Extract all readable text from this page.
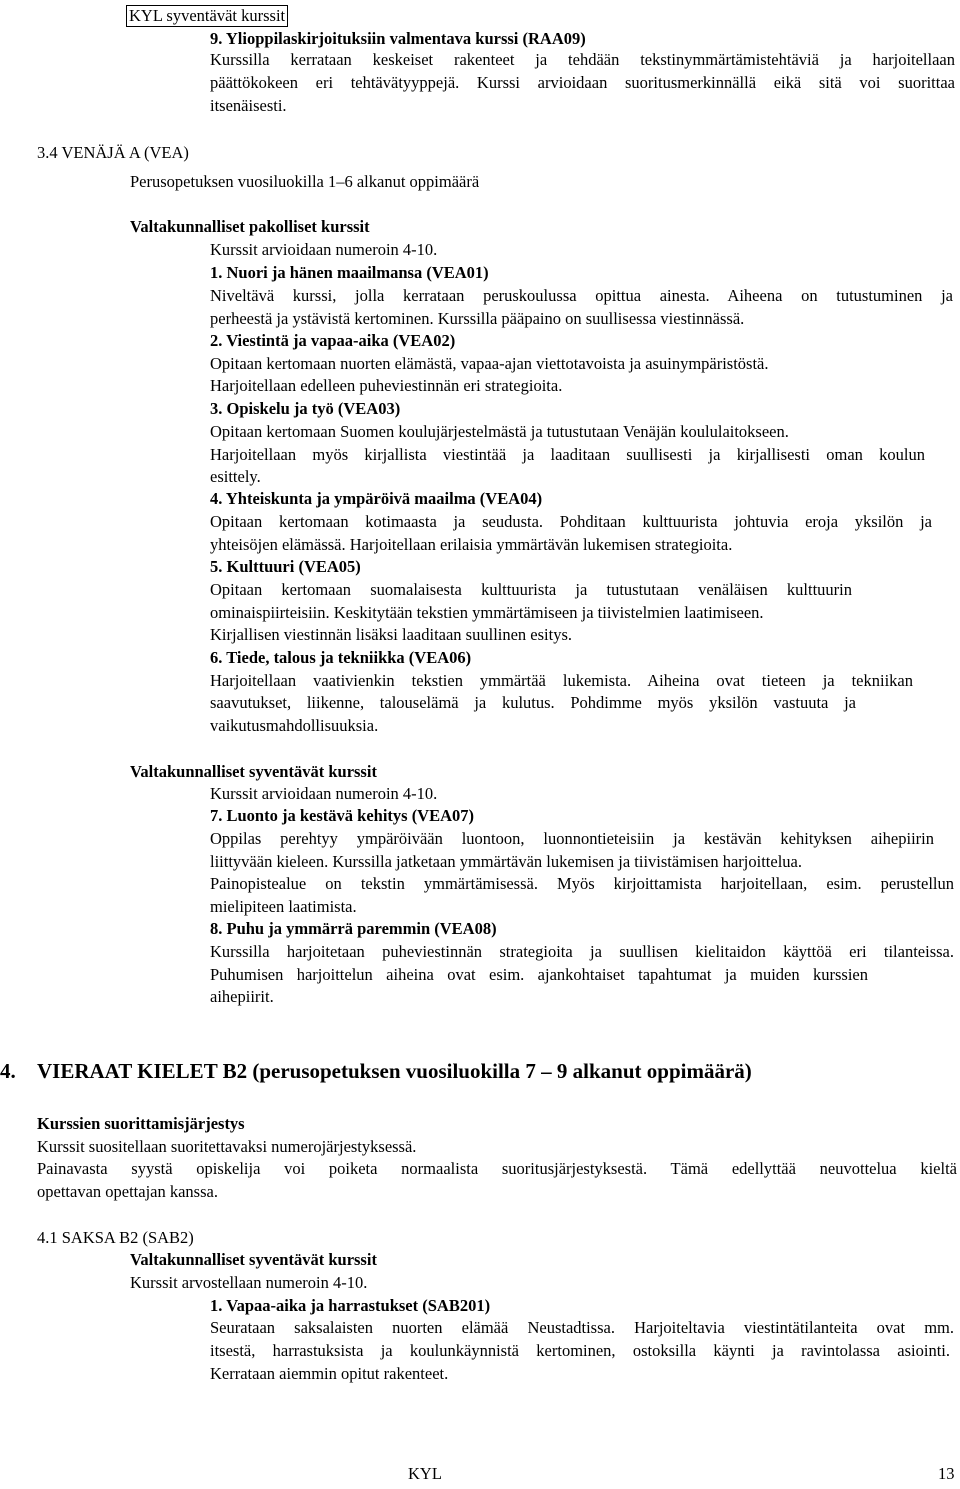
KYL syventävät kurssit
9. Ylioppilaskirjoituksiin valmentava kurssi (RAA09)
Kurssilla kerrataan keskeiset rakenteet ja tehdään tekstinymmärtämistehtäviä ja harjoitellaan
päättökokeen eri tehtävätyyppejä. Kurssi arvioidaan suoritusmerkinnällä eikä sitä voi suorittaa
itsenäisesti.
3.4 VENÄJÄ A (VEA)
Perusopetuksen vuosiluokilla 1–6 alkanut oppimäärä
Valtakunnalliset pakolliset kurssit
Kurssit arvioidaan numeroin 4-10.
1. Nuori ja hänen maailmansa (VEA01)
Niveltävä kurssi, jolla kerrataan peruskoulussa opittua ainesta. Aiheena on tutustuminen ja
perheestä ja ystävistä kertominen. Kurssilla pääpaino on suullisessa viestinnässä.
2. Viestintä ja vapaa-aika (VEA02)
Opitaan kertomaan nuorten elämästä, vapaa-ajan viettotavoista ja asuinympäristöstä.
Harjoitellaan edelleen puheviestinnän eri strategioita.
3. Opiskelu ja työ (VEA03)
Opitaan kertomaan Suomen koulujärjestelmästä ja tutustutaan Venäjän koululaitokseen.
Harjoitellaan myös kirjallista viestintää ja laaditaan suullisesti ja kirjallisesti oman koulun
esittely.
4. Yhteiskunta ja ympäröivä maailma (VEA04)
Opitaan kertomaan kotimaasta ja seudusta. Pohditaan kulttuurista johtuvia eroja yksilön ja
yhteisöjen elämässä. Harjoitellaan erilaisia ymmärtävän lukemisen strategioita.
5. Kulttuuri (VEA05)
Opitaan kertomaan suomalaisesta kulttuurista ja tutustutaan venäläisen kulttuurin
ominaispiirteisiin. Keskitytään tekstien ymmärtämiseen ja tiivistelmien laatimiseen.
Kirjallisen viestinnän lisäksi laaditaan suullinen esitys.
6. Tiede, talous ja tekniikka (VEA06)
Harjoitellaan vaativienkin tekstien ymmärtää lukemista. Aiheina ovat tieteen ja tekniikan
saavutukset, liikenne, talouselämä ja kulutus. Pohdimme myös yksilön vastuuta ja
vaikutusmahdollisuuksia.
Valtakunnalliset syventävät kurssit
Kurssit arvioidaan numeroin 4-10.
7. Luonto ja kestävä kehitys (VEA07)
Oppilas perehtyy ympäröivään luontoon, luonnontieteisiin ja kestävän kehityksen aihepiirin
liittyvään kieleen. Kurssilla jatketaan ymmärtävän lukemisen ja tiivistämisen harjoittelua.
Painopistealue on tekstin ymmärtämisessä. Myös kirjoittamista harjoitellaan, esim. perustellun
mielipiteen laatimista.
8. Puhu ja ymmärrä paremmin (VEA08)
Kurssilla harjoitetaan puheviestinnän strategioita ja suullisen kielitaidon käyttöä eri tilanteissa.
Puhumisen harjoittelun aiheina ovat esim. ajankohtaiset tapahtumat ja muiden kurssien
aihepiirit.
4. VIERAAT KIELET B2 (perusopetuksen vuosiluokilla 7 – 9 alkanut oppimäärä)
Kurssien suorittamisjärjestys
Kurssit suositellaan suoritettavaksi numerojärjestyksessä.
Painavasta syystä opiskelija voi poiketa normaalista suoritusjärjestyksestä. Tämä edellyttää neuvottelua kieltä
opettavan opettajan kanssa.
4.1 SAKSA B2 (SAB2)
Valtakunnalliset syventävät kurssit
Kurssit arvostellaan numeroin 4-10.
1. Vapaa-aika ja harrastukset (SAB201)
Seurataan saksalaisten nuorten elämää Neustadtissa. Harjoiteltavia viestintätilanteita ovat mm.
itsestä, harrastuksista ja koulunkäynnistä kertominen, ostoksilla käynti ja ravintolassa asiointi.
Kerrataan aiemmin opitut rakenteet.
KYL	13
